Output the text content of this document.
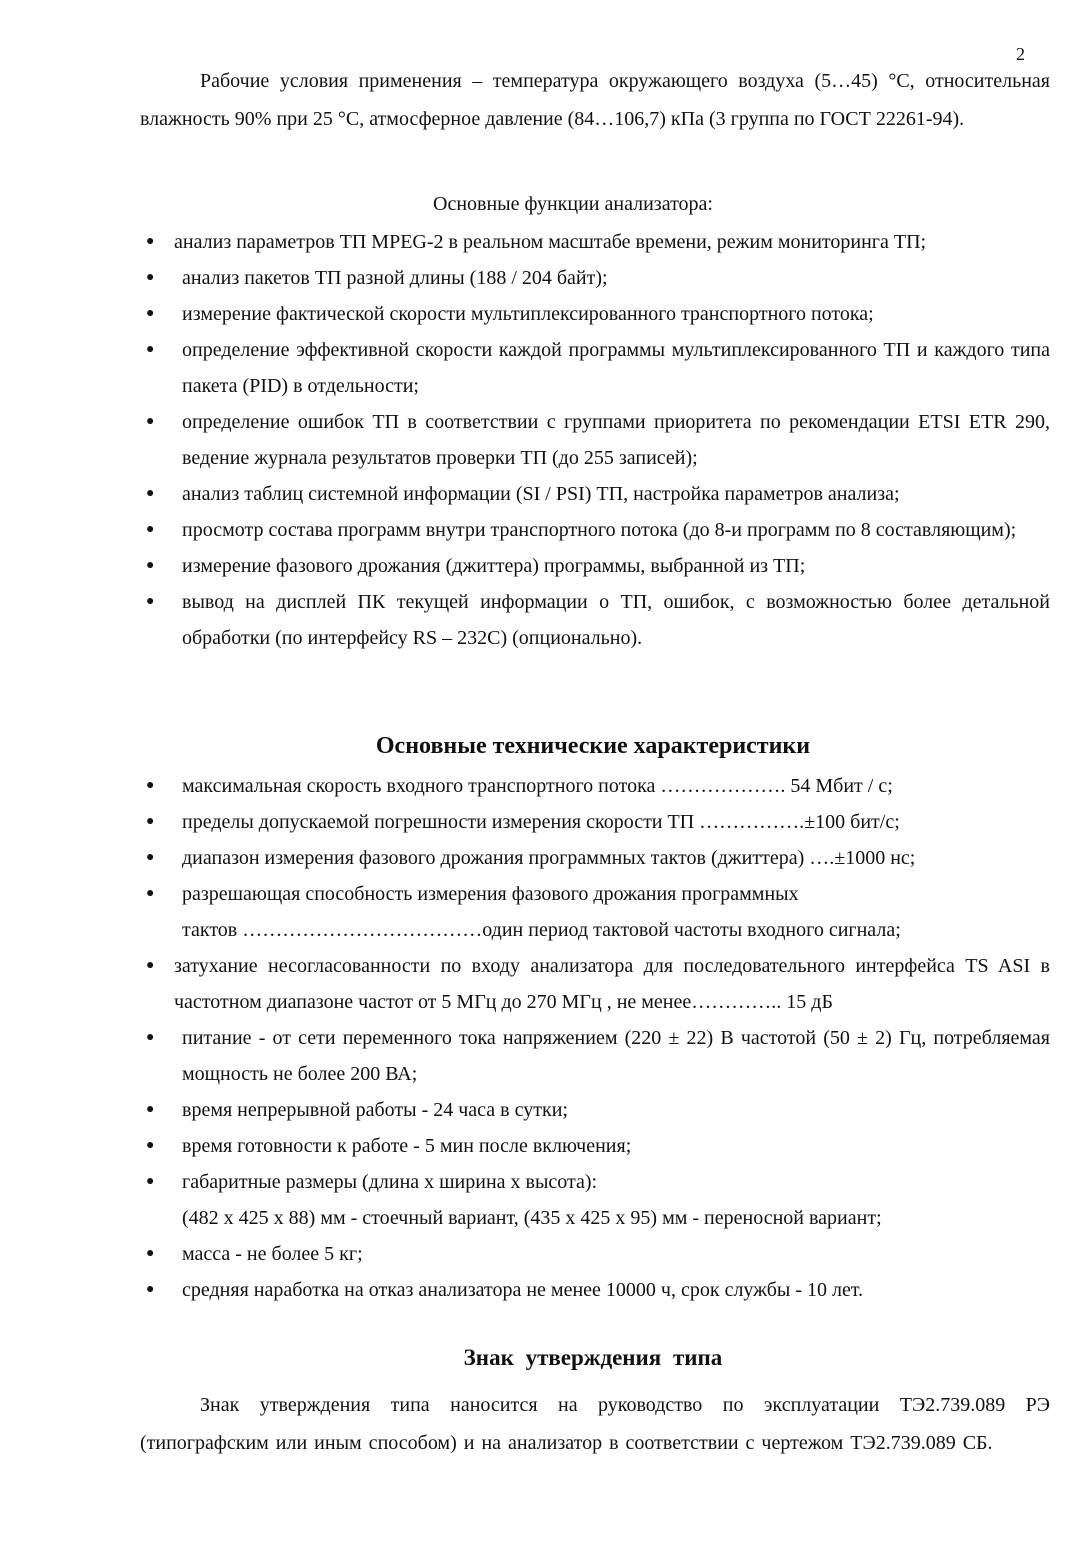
2

Рабочие условия применения – температура окружающего воздуха (5…45) °С, относительная влажность 90% при 25 °С, атмосферное давление (84…106,7) кПа (3 группа по ГОСТ 22261-94).

Основные функции анализатора:
● анализ параметров ТП MPEG-2 в реальном масштабе времени, режим мониторинга ТП;
● анализ пакетов ТП разной длины (188 / 204 байт);
● измерение фактической скорости мультиплексированного транспортного потока;
● определение эффективной скорости каждой программы мультиплексированного ТП и каждого типа пакета (PID) в отдельности;
● определение ошибок ТП в соответствии с группами приоритета по рекомендации ETSI ETR 290, ведение журнала результатов проверки ТП (до 255 записей);
● анализ таблиц системной информации (SI / PSI) ТП, настройка параметров анализа;
● просмотр состава программ внутри транспортного потока (до 8-и программ по 8 составляющим);
● измерение фазового дрожания (джиттера) программы, выбранной из ТП;
● вывод на дисплей ПК текущей информации о ТП, ошибок, с возможностью более детальной обработки (по интерфейсу RS – 232С) (опционально).
Основные технические характеристики
● максимальная скорость входного транспортного потока ………………. 54 Мбит / с;
● пределы допускаемой погрешности измерения скорости ТП …………….±100 бит/с;
● диапазон измерения фазового дрожания программных тактов (джиттера) ….±1000 нс;
● разрешающая способность измерения фазового дрожания программных
тактов ………………………………один период тактовой частоты входного сигнала;
● затухание несогласованности по входу анализатора для последовательного интерфейса TS ASI в частотном диапазоне частот от 5 МГц до 270 МГц , не менее………….. 15 дБ
● питание - от сети переменного тока напряжением (220 ± 22) В частотой (50 ± 2) Гц, потребляемая мощность не более 200 ВА;
● время непрерывной работы - 24 часа в сутки;
● время готовности к работе - 5 мин после включения;
● габаритные размеры (длина х ширина х высота):
(482 х 425 х 88) мм - стоечный вариант, (435 х 425 х 95) мм - переносной вариант;
● масса - не более 5 кг;
● средняя наработка на отказ анализатора не менее 10000 ч, срок службы - 10 лет.
Знак утверждения типа

Знак утверждения типа наносится на руководство по эксплуатации ТЭ2.739.089 РЭ (типографским или иным способом) и на анализатор в соответствии с чертежом ТЭ2.739.089 СБ.
